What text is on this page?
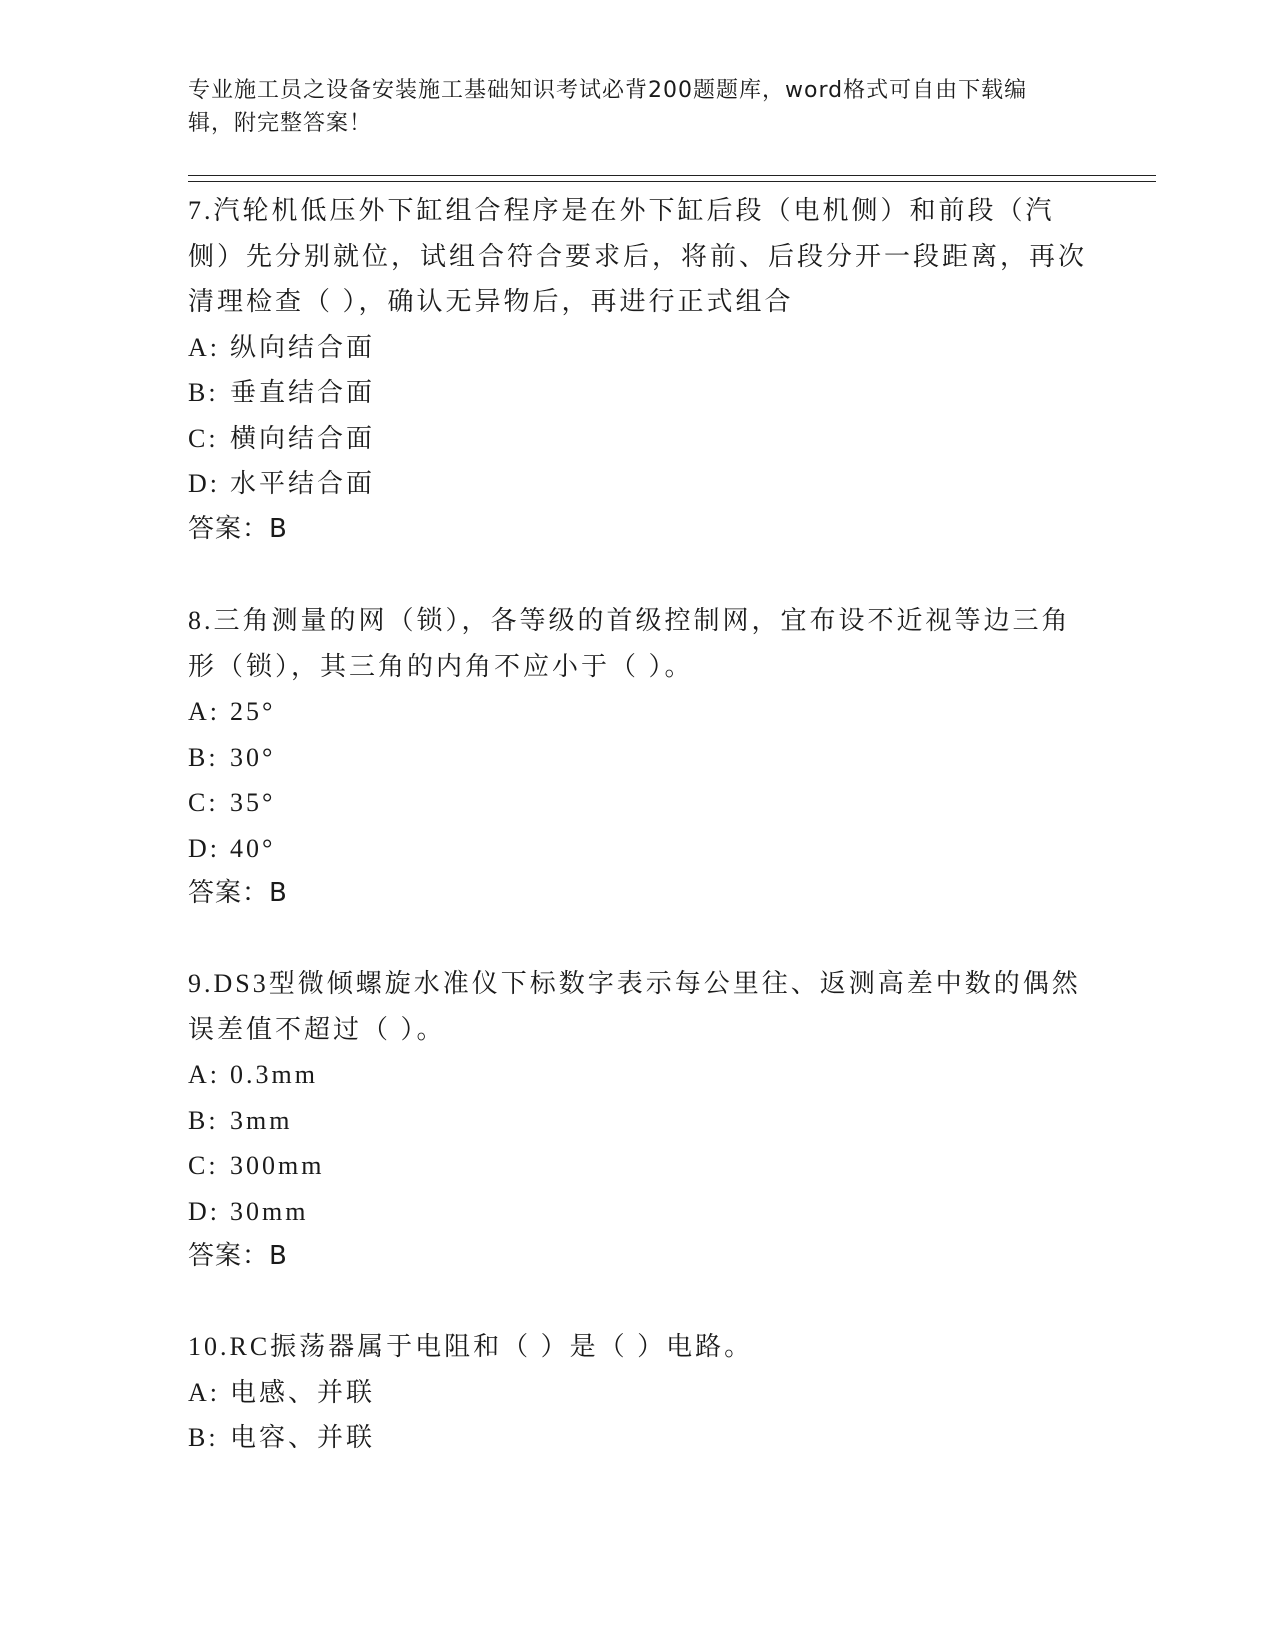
专业施工员之设备安装施工基础知识考试必背200题题库，word格式可自由下载编辑，附完整答案！
7.汽轮机低压外下缸组合程序是在外下缸后段（电机侧）和前段（汽侧）先分别就位，试组合符合要求后，将前、后段分开一段距离，再次清理检查（ ），确认无异物后，再进行正式组合
A: 纵向结合面
B: 垂直结合面
C: 横向结合面
D: 水平结合面
答案：B
8.三角测量的网（锁），各等级的首级控制网，宜布设不近视等边三角形（锁），其三角的内角不应小于（ ）。
A: 25°
B: 30°
C: 35°
D: 40°
答案：B
9.DS3型微倾螺旋水准仪下标数字表示每公里往、返测高差中数的偶然误差值不超过（ ）。
A: 0.3mm
B: 3mm
C: 300mm
D: 30mm
答案：B
10.RC振荡器属于电阻和（ ）是（ ）电路。
A: 电感、并联
B: 电容、并联
